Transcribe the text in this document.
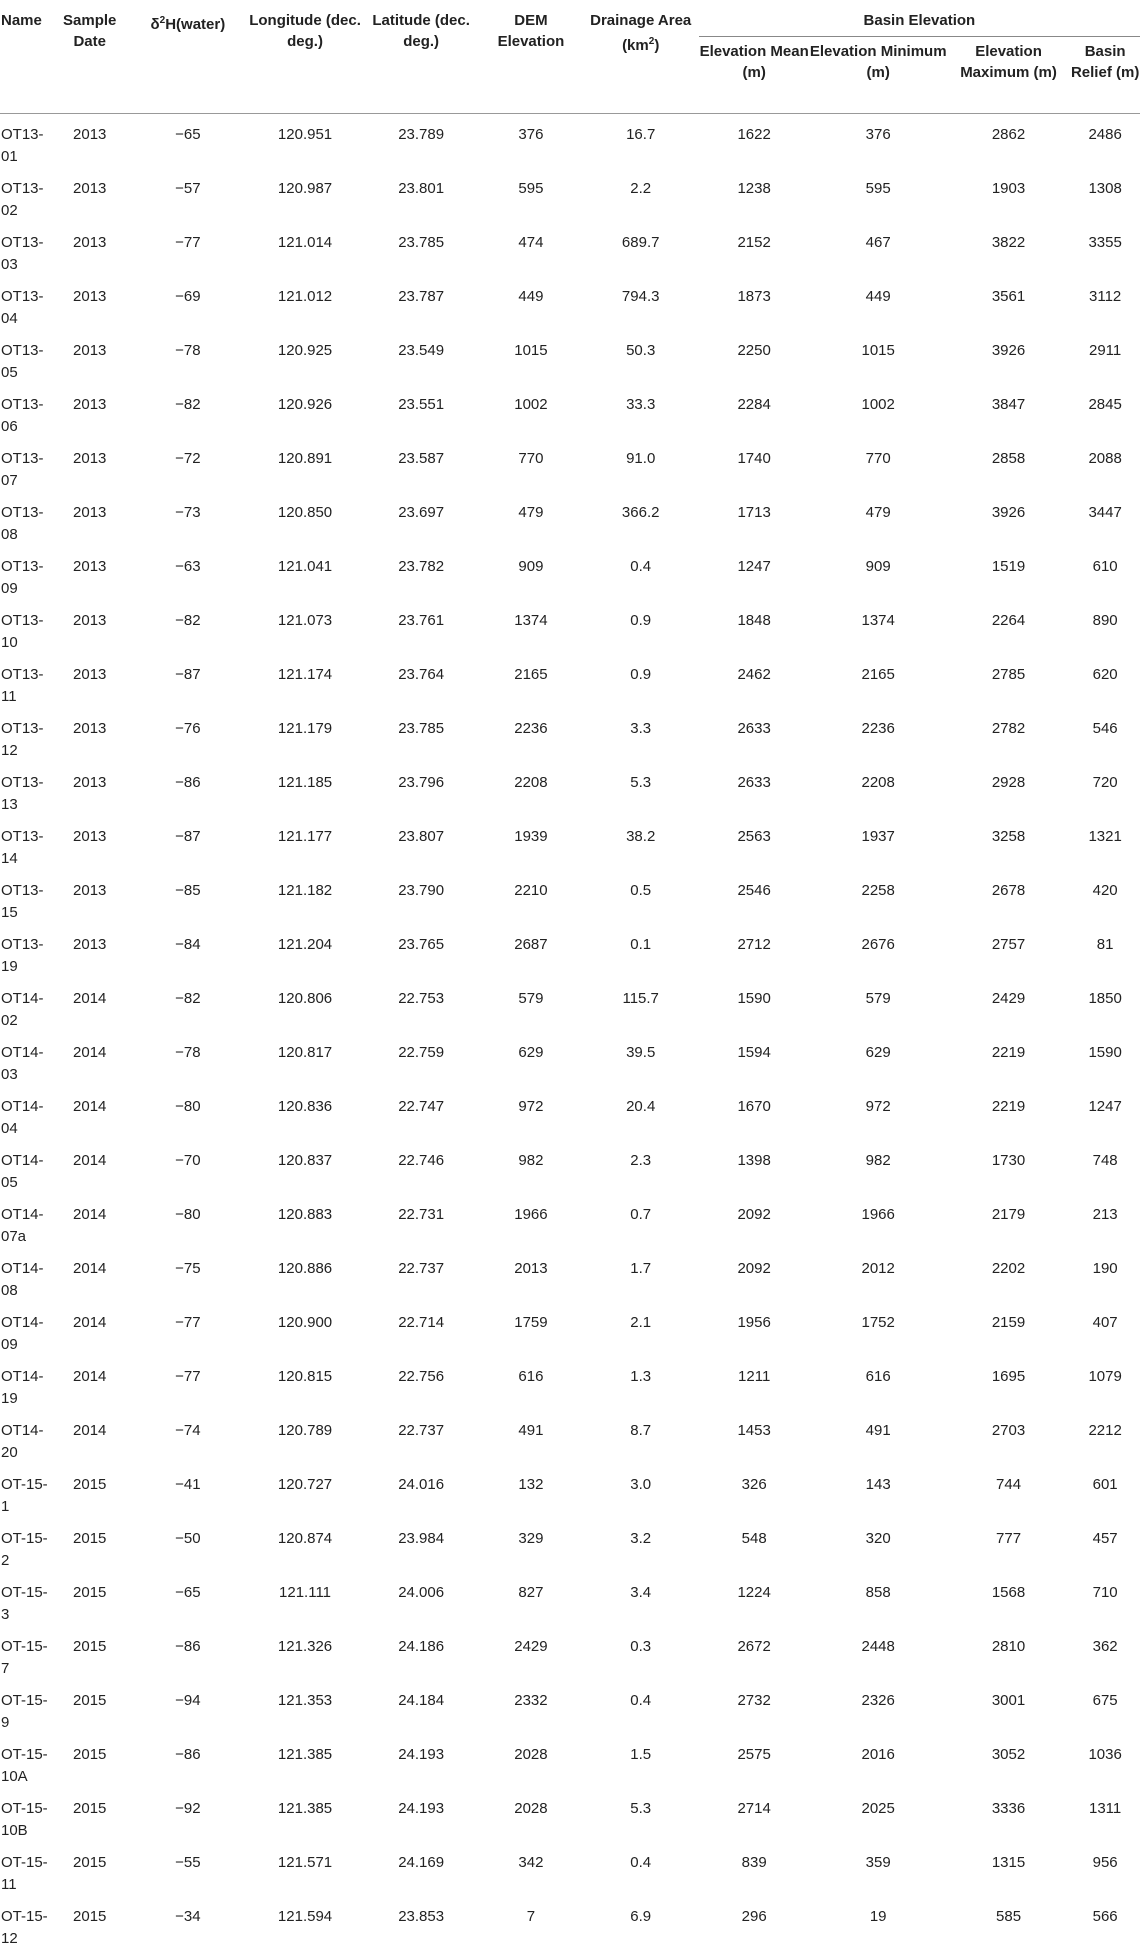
Name	Sample Date	$\delta^2H(water)$	Longitude (dec. deg.)	Latitude (dec. deg.)	DEM Elevation	Drainage Area $(km^2)$	Basin Elevation			
							Elevation Mean (m)	Elevation Minimum (m)	Elevation Maximum (m)	Basin Relief (m)
OT13-01	2013	−65	120.951	23.789	376	16.7	1622	376	2862	2486
OT13-02	2013	−57	120.987	23.801	595	2.2	1238	595	1903	1308
OT13-03	2013	−77	121.014	23.785	474	689.7	2152	467	3822	3355
OT13-04	2013	−69	121.012	23.787	449	794.3	1873	449	3561	3112
OT13-05	2013	−78	120.925	23.549	1015	50.3	2250	1015	3926	2911
OT13-06	2013	−82	120.926	23.551	1002	33.3	2284	1002	3847	2845
OT13-07	2013	−72	120.891	23.587	770	91.0	1740	770	2858	2088
OT13-08	2013	−73	120.850	23.697	479	366.2	1713	479	3926	3447
OT13-09	2013	−63	121.041	23.782	909	0.4	1247	909	1519	610
OT13-10	2013	−82	121.073	23.761	1374	0.9	1848	1374	2264	890
OT13-11	2013	−87	121.174	23.764	2165	0.9	2462	2165	2785	620
OT13-12	2013	−76	121.179	23.785	2236	3.3	2633	2236	2782	546
OT13-13	2013	−86	121.185	23.796	2208	5.3	2633	2208	2928	720
OT13-14	2013	−87	121.177	23.807	1939	38.2	2563	1937	3258	1321
OT13-15	2013	−85	121.182	23.790	2210	0.5	2546	2258	2678	420
OT13-19	2013	−84	121.204	23.765	2687	0.1	2712	2676	2757	81
OT14-02	2014	−82	120.806	22.753	579	115.7	1590	579	2429	1850
OT14-03	2014	−78	120.817	22.759	629	39.5	1594	629	2219	1590
OT14-04	2014	−80	120.836	22.747	972	20.4	1670	972	2219	1247
OT14-05	2014	−70	120.837	22.746	982	2.3	1398	982	1730	748
OT14-07a	2014	−80	120.883	22.731	1966	0.7	2092	1966	2179	213
OT14-08	2014	−75	120.886	22.737	2013	1.7	2092	2012	2202	190
OT14-09	2014	−77	120.900	22.714	1759	2.1	1956	1752	2159	407
OT14-19	2014	−77	120.815	22.756	616	1.3	1211	616	1695	1079
OT14-20	2014	−74	120.789	22.737	491	8.7	1453	491	2703	2212
OT-15-1	2015	−41	120.727	24.016	132	3.0	326	143	744	601
OT-15-2	2015	−50	120.874	23.984	329	3.2	548	320	777	457
OT-15-3	2015	−65	121.111	24.006	827	3.4	1224	858	1568	710
OT-15-7	2015	−86	121.326	24.186	2429	0.3	2672	2448	2810	362
OT-15-9	2015	−94	121.353	24.184	2332	0.4	2732	2326	3001	675
OT-15-10A	2015	−86	121.385	24.193	2028	1.5	2575	2016	3052	1036
OT-15-10B	2015	−92	121.385	24.193	2028	5.3	2714	2025	3336	1311
OT-15-11	2015	−55	121.571	24.169	342	0.4	839	359	1315	956
OT-15-12	2015	−34	121.594	23.853	7	6.9	296	19	585	566
